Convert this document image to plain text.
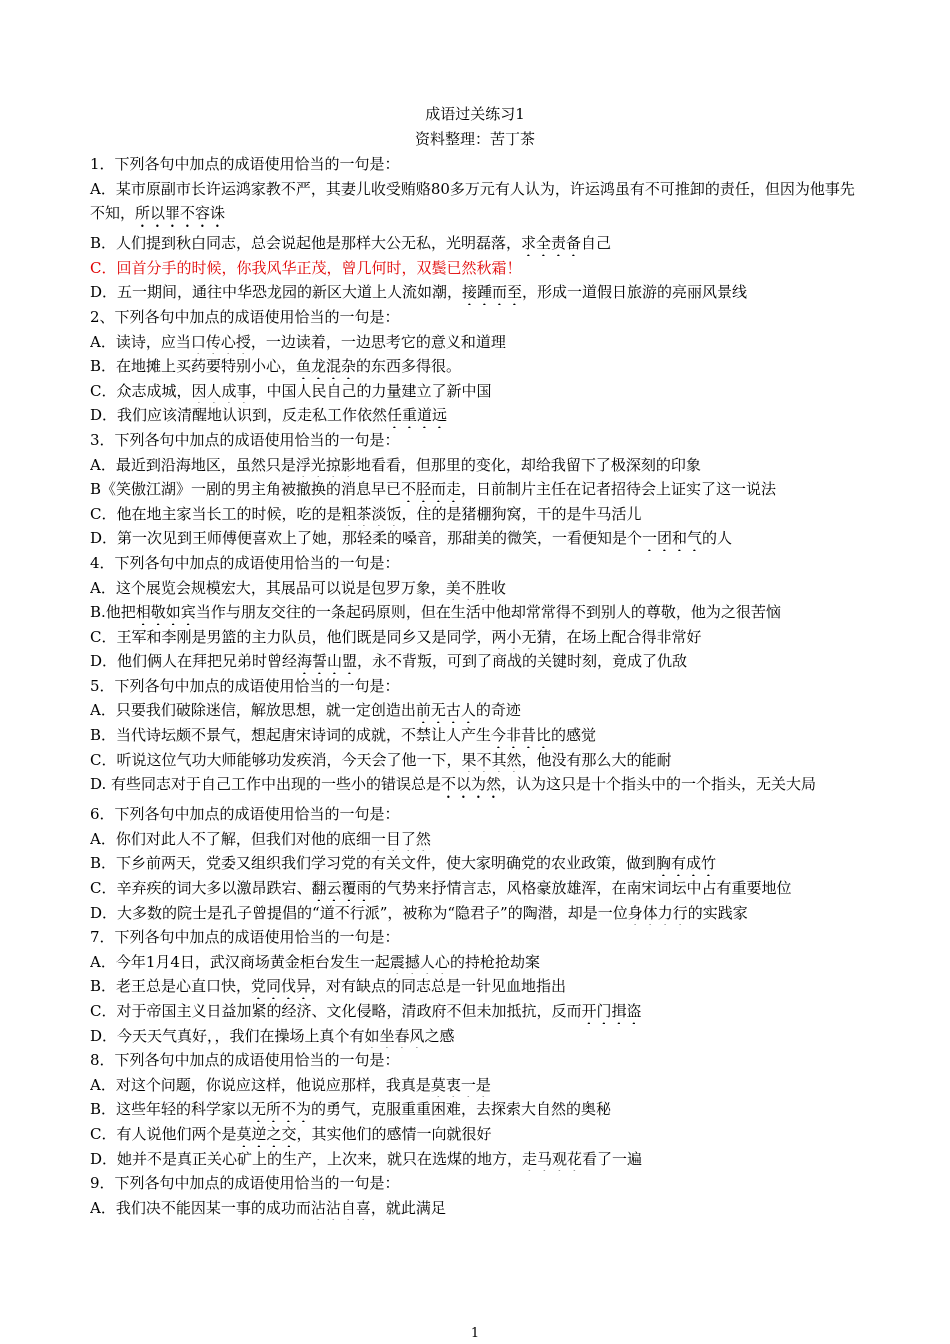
成语过关练习1
资料整理：苦丁茶
1．下列各句中加点的成语使用恰当的一句是：
A．某市原副市长许运鸿家教不严，其妻儿收受贿赂80多万元有人认为，许运鸿虽有不可推卸的责任，但因为他事先不知，所以罪不容诛
B．人们提到秋白同志，总会说起他是那样大公无私，光明磊落，求全责备自己
C．回首分手的时候，你我风华正茂，曾几何时，双鬓已然秋霜！
D．五一期间，通往中华恐龙园的新区大道上人流如潮，接踵而至，形成一道假日旅游的亮丽风景线
2、下列各句中加点的成语使用恰当的一句是：
A．读诗，应当口传心授，一边读着，一边思考它的意义和道理
B．在地摊上买药要特别小心，鱼龙混杂的东西多得很。
C．众志成城，因人成事，中国人民自己的力量建立了新中国
D．我们应该清醒地认识到，反走私工作依然任重道远
3．下列各句中加点的成语使用恰当的一句是：
A．最近到沿海地区，虽然只是浮光掠影地看看，但那里的变化，却给我留下了极深刻的印象
B《笑傲江湖》一剧的男主角被撤换的消息早已不胫而走，日前制片主任在记者招待会上证实了这一说法
C．他在地主家当长工的时候，吃的是粗茶淡饭，住的是猪棚狗窝，干的是牛马活儿
D．第一次见到王师傅便喜欢上了她，那轻柔的嗓音，那甜美的微笑，一看便知是个一团和气的人
4．下列各句中加点的成语使用恰当的一句是：
A．这个展览会规模宏大，其展品可以说是包罗万象，美不胜收
B.他把相敬如宾当作与朋友交往的一条起码原则，但在生活中他却常常得不到别人的尊敬，他为之很苦恼
C．王军和李刚是男篮的主力队员，他们既是同乡又是同学，两小无猜，在场上配合得非常好
D．他们俩人在拜把兄弟时曾经海誓山盟，永不背叛，可到了商战的关键时刻，竟成了仇敌
5．下列各句中加点的成语使用恰当的一句是：
A．只要我们破除迷信，解放思想，就一定创造出前无古人的奇迹
B．当代诗坛颇不景气，想起唐宋诗词的成就，不禁让人产生今非昔比的感觉
C．听说这位气功大师能够功发疾消，今天会了他一下，果不其然，他没有那么大的能耐
D. 有些同志对于自己工作中出现的一些小的错误总是不以为然，认为这只是十个指头中的一个指头，无关大局
6．下列各句中加点的成语使用恰当的一句是：
A．你们对此人不了解，但我们对他的底细一目了然
B．下乡前两天，党委又组织我们学习党的有关文件，使大家明确党的农业政策，做到胸有成竹
C．辛弃疾的词大多以激昂跌宕、翻云覆雨的气势来抒情言志，风格豪放雄浑，在南宋词坛中占有重要地位
D．大多数的院士是孔子曾提倡的“道不行派”，被称为“隐君子”的陶潜，却是一位身体力行的实践家
7．下列各句中加点的成语使用恰当的一句是：
A．今年1月4日，武汉商场黄金柜台发生一起震撼人心的持枪抢劫案
B．老王总是心直口快，党同伐异，对有缺点的同志总是一针见血地指出
C．对于帝国主义日益加紧的经济、文化侵略，清政府不但未加抵抗，反而开门揖盗
D．今天天气真好，，我们在操场上真个有如坐春风之感
8．下列各句中加点的成语使用恰当的一句是：
A．对这个问题，你说应这样，他说应那样，我真是莫衷一是
B．这些年轻的科学家以无所不为的勇气，克服重重困难，去探索大自然的奥秘
C．有人说他们两个是莫逆之交，其实他们的感情一向就很好
D．她并不是真正关心矿上的生产，上次来，就只在选煤的地方，走马观花看了一遍
9．下列各句中加点的成语使用恰当的一句是：
A．我们决不能因某一事的成功而沾沾自喜，就此满足
1
